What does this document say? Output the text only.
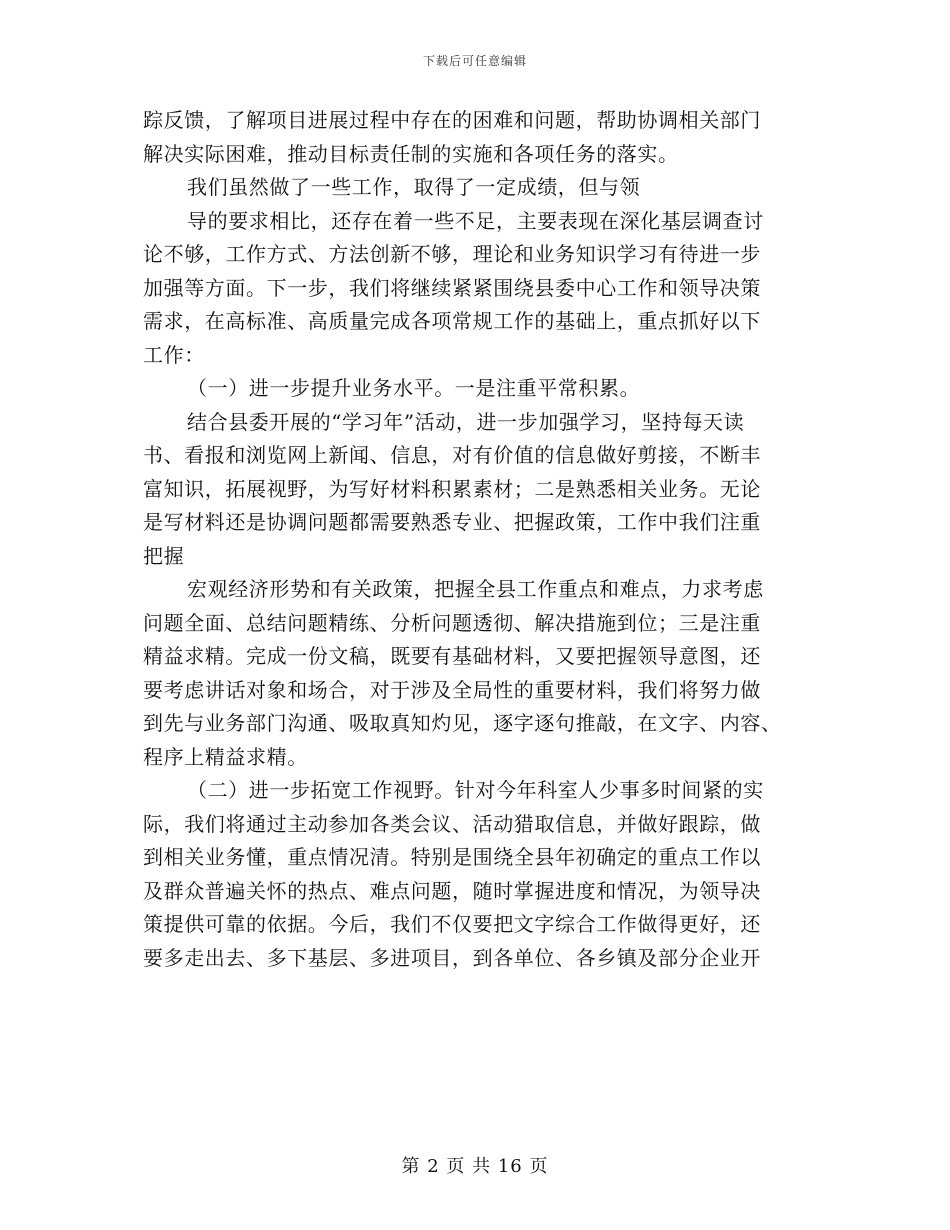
下载后可任意编辑
踪反馈，了解项目进展过程中存在的困难和问题，帮助协调相关部门
解决实际困难，推动目标责任制的实施和各项任务的落实。
我们虽然做了一些工作，取得了一定成绩，但与领
导的要求相比，还存在着一些不足，主要表现在深化基层调查讨
论不够，工作方式、方法创新不够，理论和业务知识学习有待进一步
加强等方面。下一步，我们将继续紧紧围绕县委中心工作和领导决策
需求，在高标准、高质量完成各项常规工作的基础上，重点抓好以下
工作：
（一）进一步提升业务水平。一是注重平常积累。
结合县委开展的“学习年”活动，进一步加强学习，坚持每天读
书、看报和浏览网上新闻、信息，对有价值的信息做好剪接，不断丰
富知识，拓展视野，为写好材料积累素材；二是熟悉相关业务。无论
是写材料还是协调问题都需要熟悉专业、把握政策，工作中我们注重
把握
宏观经济形势和有关政策，把握全县工作重点和难点，力求考虑
问题全面、总结问题精练、分析问题透彻、解决措施到位；三是注重
精益求精。完成一份文稿，既要有基础材料，又要把握领导意图，还
要考虑讲话对象和场合，对于涉及全局性的重要材料，我们将努力做
到先与业务部门沟通、吸取真知灼见，逐字逐句推敲，在文字、内容、
程序上精益求精。
（二）进一步拓宽工作视野。针对今年科室人少事多时间紧的实
际，我们将通过主动参加各类会议、活动猎取信息，并做好跟踪，做
到相关业务懂，重点情况清。特别是围绕全县年初确定的重点工作以
及群众普遍关怀的热点、难点问题，随时掌握进度和情况，为领导决
策提供可靠的依据。今后，我们不仅要把文字综合工作做得更好，还
要多走出去、多下基层、多进项目，到各单位、各乡镇及部分企业开
第 2 页 共 16 页
